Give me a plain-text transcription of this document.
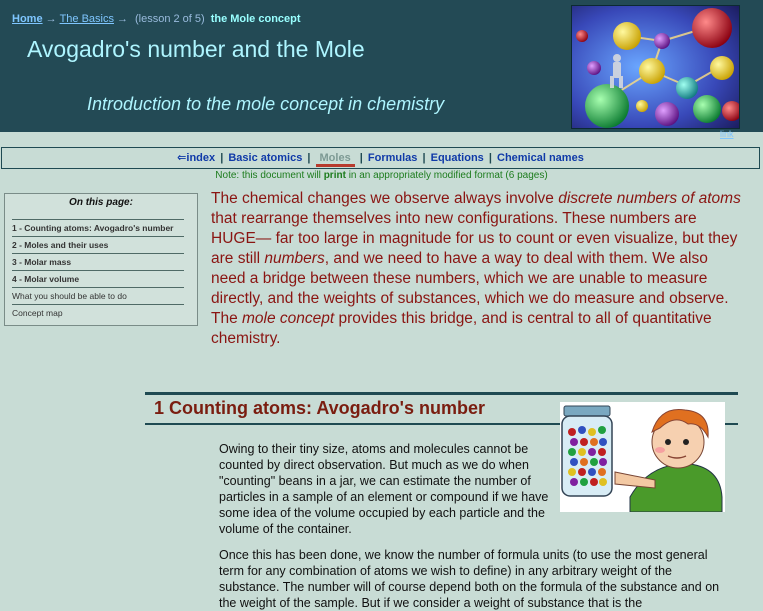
Home → The Basics → (lesson 2 of 5) the Mole concept
Avogadro's number and the Mole
Introduction to the mole concept in chemistry
link
⇐index | Basic atomics | Moles | Formulas | Equations | Chemical names
Note: this document will print in an appropriately modified format (6 pages)
On this page:
1 - Counting atoms: Avogadro's number
2 - Moles and their uses
3 - Molar mass
4 - Molar volume
What you should be able to do
Concept map
The chemical changes we observe always involve discrete numbers of atoms that rearrange themselves into new configurations. These numbers are HUGE— far too large in magnitude for us to count or even visualize, but they are still numbers, and we need to have a way to deal with them. We also need a bridge between these numbers, which we are unable to measure directly, and the weights of substances, which we do measure and observe. The mole concept provides this bridge, and is central to all of quantitative chemistry.
1 Counting atoms: Avogadro's number
Owing to their tiny size, atoms and molecules cannot be counted by direct observation. But much as we do when "counting" beans in a jar, we can estimate the number of particles in a sample of an element or compound if we have some idea of the volume occupied by each particle and the volume of the container.
Once this has been done, we know the number of formula units (to use the most general term for any combination of atoms we wish to define) in any arbitrary weight of the substance. The number will of course depend both on the formula of the substance and on the weight of the sample. But if we consider a weight of substance that is the
